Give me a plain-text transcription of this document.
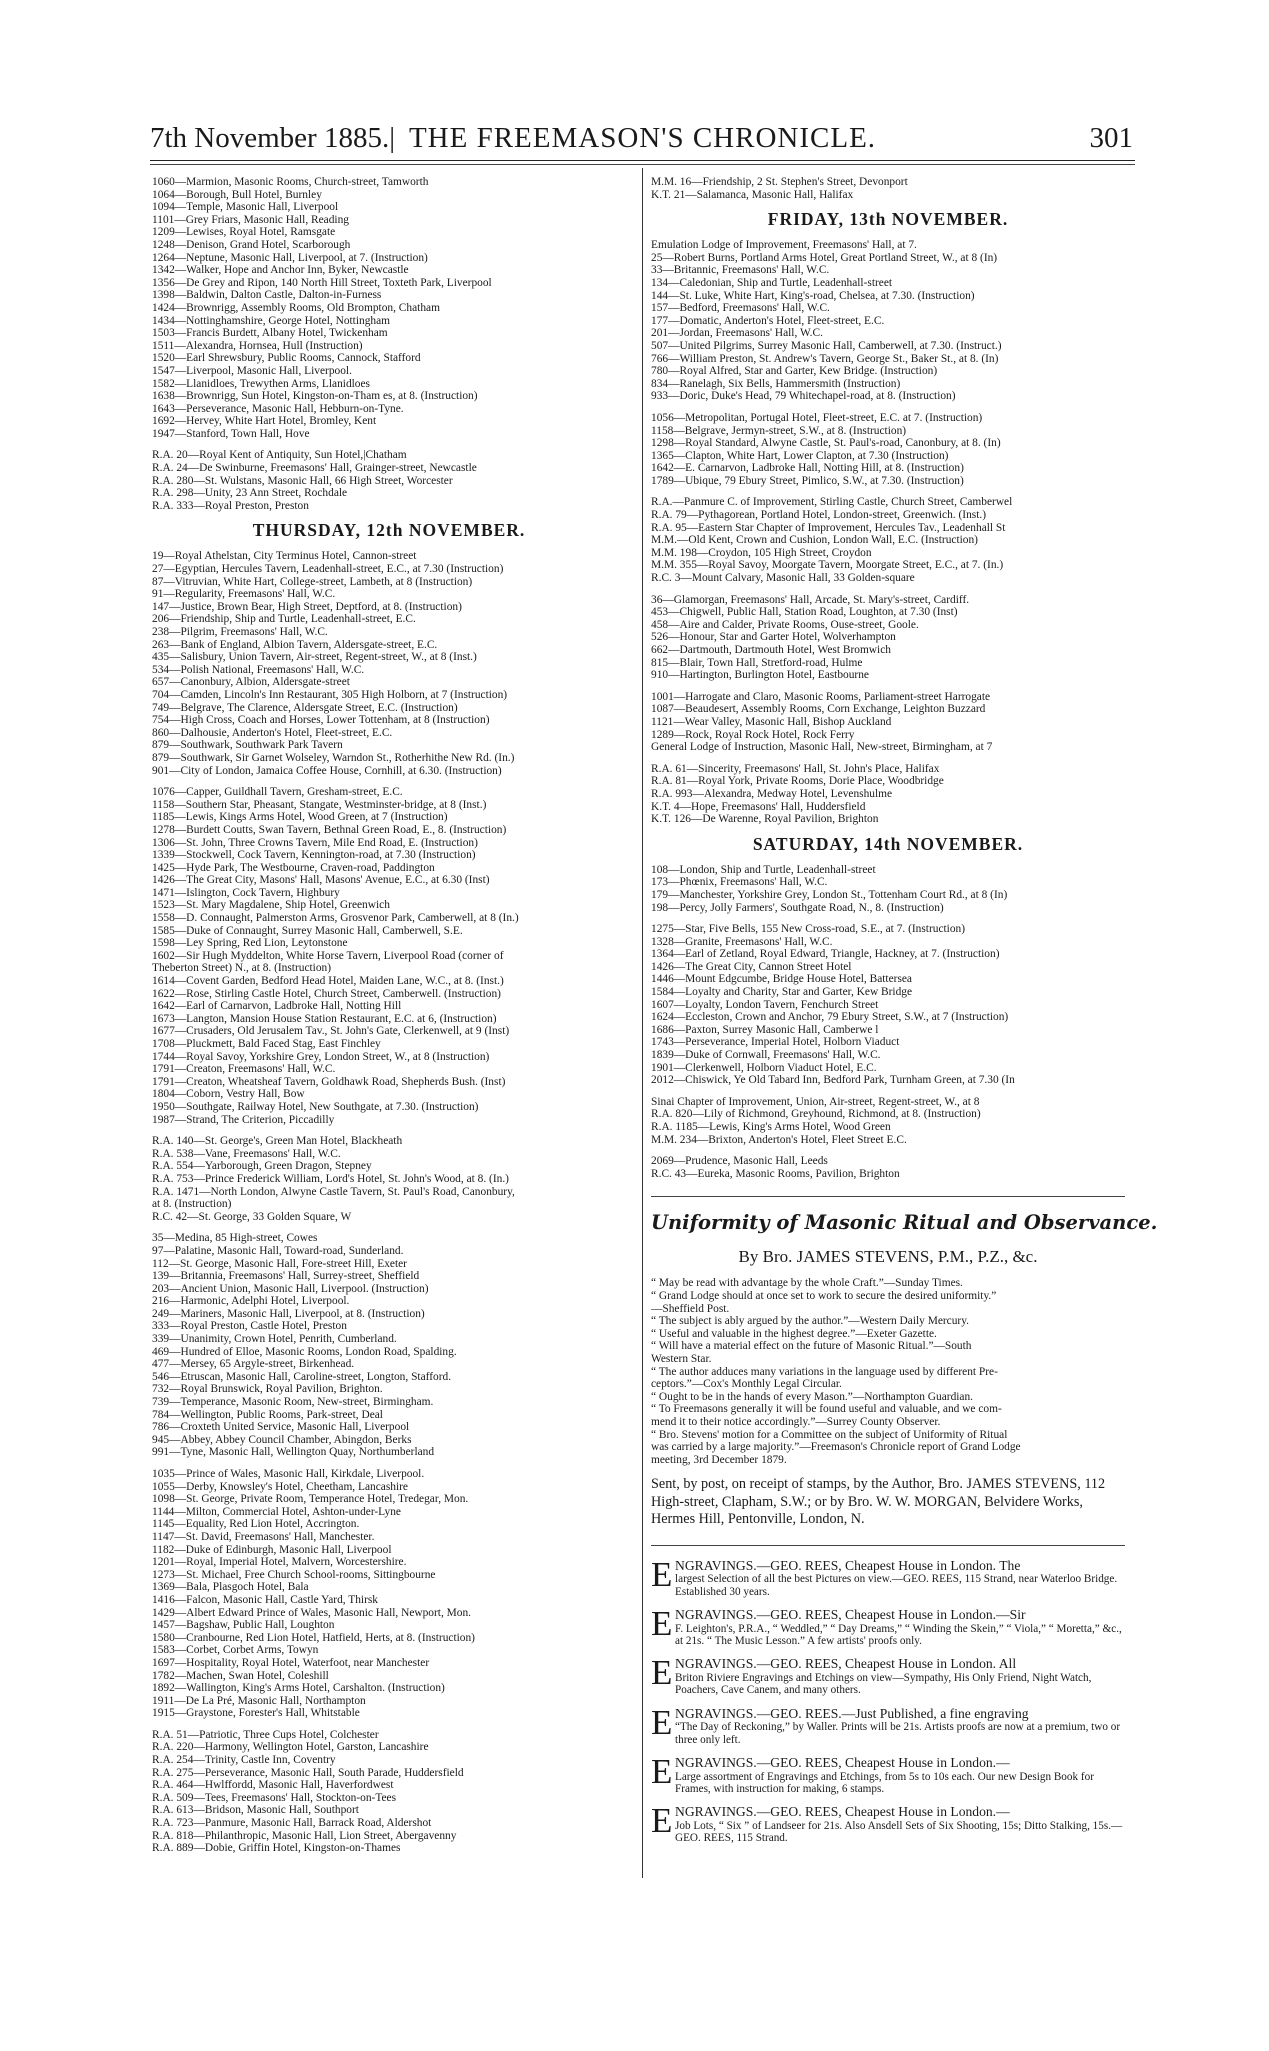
7th November 1885.| THE FREEMASON'S CHRONICLE.	301
1060—Marmion, Masonic Rooms, Church-street, Tamworth
1064—Borough, Bull Hotel, Burnley
1094—Temple, Masonic Hall, Liverpool
1101—Grey Friars, Masonic Hall, Reading
1209—Lewises, Royal Hotel, Ramsgate
1248—Denison, Grand Hotel, Scarborough
1264—Neptune, Masonic Hall, Liverpool, at 7. (Instruction)
1342—Walker, Hope and Anchor Inn, Byker, Newcastle
1356—De Grey and Ripon, 140 North Hill Street, Toxteth Park, Liverpool
1398—Baldwin, Dalton Castle, Dalton-in-Furness
1424—Brownrigg, Assembly Rooms, Old Brompton, Chatham
1434—Nottinghamshire, George Hotel, Nottingham
1503—Francis Burdett, Albany Hotel, Twickenham
1511—Alexandra, Hornsea, Hull (Instruction)
1520—Earl Shrewsbury, Public Rooms, Cannock, Stafford
1547—Liverpool, Masonic Hall, Liverpool.
1582—Llanidloes, Trewythen Arms, Llanidloes
1638—Brownrigg, Sun Hotel, Kingston-on-Tham es, at 8. (Instruction)
1643—Perseverance, Masonic Hall, Hebburn-on-Tyne.
1692—Hervey, White Hart Hotel, Bromley, Kent
1947—Stanford, Town Hall, Hove
R.A. 20—Royal Kent of Antiquity, Sun Hotel,|Chatham
R.A. 24—De Swinburne, Freemasons' Hall, Grainger-street, Newcastle
R.A. 280—St. Wulstans, Masonic Hall, 66 High Street, Worcester
R.A. 298—Unity, 23 Ann Street, Rochdale
R.A. 333—Royal Preston, Preston
THURSDAY, 12th NOVEMBER.
19—Royal Athelstan, City Terminus Hotel, Cannon-street
27—Egyptian, Hercules Tavern, Leadenhall-street, E.C., at 7.30 (Instruction)
87—Vitruvian, White Hart, College-street, Lambeth, at 8 (Instruction)
91—Regularity, Freemasons' Hall, W.C.
147—Justice, Brown Bear, High Street, Deptford, at 8. (Instruction)
206—Friendship, Ship and Turtle, Leadenhall-street, E.C.
238—Pilgrim, Freemasons' Hall, W.C.
263—Bank of England, Albion Tavern, Aldersgate-street, E.C.
435—Salisbury, Union Tavern, Air-street, Regent-street, W., at 8 (Inst.)
534—Polish National, Freemasons' Hall, W.C.
657—Canonbury, Albion, Aldersgate-street
704—Camden, Lincoln's Inn Restaurant, 305 High Holborn, at 7 (Instruction)
749—Belgrave, The Clarence, Aldersgate Street, E.C. (Instruction)
754—High Cross, Coach and Horses, Lower Tottenham, at 8 (Instruction)
860—Dalhousie, Anderton's Hotel, Fleet-street, E.C.
879—Southwark, Southwark Park Tavern
879—Southwark, Sir Garnet Wolseley, Warndon St., Rotherhithe New Rd. (In.)
901—City of London, Jamaica Coffee House, Cornhill, at 6.30. (Instruction)
1076—Capper, Guildhall Tavern, Gresham-street, E.C.
1158—Southern Star, Pheasant, Stangate, Westminster-bridge, at 8 (Inst.)
1185—Lewis, Kings Arms Hotel, Wood Green, at 7 (Instruction)
1278—Burdett Coutts, Swan Tavern, Bethnal Green Road, E., 8. (Instruction)
1306—St. John, Three Crowns Tavern, Mile End Road, E. (Instruction)
1339—Stockwell, Cock Tavern, Kennington-road, at 7.30 (Instruction)
1425—Hyde Park, The Westbourne, Craven-road, Paddington
1426—The Great City, Masons' Hall, Masons' Avenue, E.C., at 6.30 (Inst)
1471—Islington, Cock Tavern, Highbury
1523—St. Mary Magdalene, Ship Hotel, Greenwich
1558—D. Connaught, Palmerston Arms, Grosvenor Park, Camberwell, at 8 (In.)
1585—Duke of Connaught, Surrey Masonic Hall, Camberwell, S.E.
1598—Ley Spring, Red Lion, Leytonstone
1602—Sir Hugh Myddelton, White Horse Tavern, Liverpool Road (corner of
Theberton Street) N., at 8. (Instruction)
1614—Covent Garden, Bedford Head Hotel, Maiden Lane, W.C., at 8. (Inst.)
1622—Rose, Stirling Castle Hotel, Church Street, Camberwell. (Instruction)
1642—Earl of Carnarvon, Ladbroke Hall, Notting Hill
1673—Langton, Mansion House Station Restaurant, E.C. at 6, (Instruction)
1677—Crusaders, Old Jerusalem Tav., St. John's Gate, Clerkenwell, at 9 (Inst)
1708—Pluckmett, Bald Faced Stag, East Finchley
1744—Royal Savoy, Yorkshire Grey, London Street, W., at 8 (Instruction)
1791—Creaton, Freemasons' Hall, W.C.
1791—Creaton, Wheatsheaf Tavern, Goldhawk Road, Shepherds Bush. (Inst)
1804—Coborn, Vestry Hall, Bow
1950—Southgate, Railway Hotel, New Southgate, at 7.30. (Instruction)
1987—Strand, The Criterion, Piccadilly
R.A. 140—St. George's, Green Man Hotel, Blackheath
R.A. 538—Vane, Freemasons' Hall, W.C.
R.A. 554—Yarborough, Green Dragon, Stepney
R.A. 753—Prince Frederick William, Lord's Hotel, St. John's Wood, at 8. (In.)
R.A. 1471—North London, Alwyne Castle Tavern, St. Paul's Road, Canonbury,
at 8. (Instruction)
R.C. 42—St. George, 33 Golden Square, W
35—Medina, 85 High-street, Cowes
97—Palatine, Masonic Hall, Toward-road, Sunderland.
112—St. George, Masonic Hall, Fore-street Hill, Exeter
139—Britannia, Freemasons' Hall, Surrey-street, Sheffield
203—Ancient Union, Masonic Hall, Liverpool. (Instruction)
216—Harmonic, Adelphi Hotel, Liverpool.
249—Mariners, Masonic Hall, Liverpool, at 8. (Instruction)
333—Royal Preston, Castle Hotel, Preston
339—Unanimity, Crown Hotel, Penrith, Cumberland.
469—Hundred of Elloe, Masonic Rooms, London Road, Spalding.
477—Mersey, 65 Argyle-street, Birkenhead.
546—Etruscan, Masonic Hall, Caroline-street, Longton, Stafford.
732—Royal Brunswick, Royal Pavilion, Brighton.
739—Temperance, Masonic Room, New-street, Birmingham.
784—Wellington, Public Rooms, Park-street, Deal
786—Croxteth United Service, Masonic Hall, Liverpool
945—Abbey, Abbey Council Chamber, Abingdon, Berks
991—Tyne, Masonic Hall, Wellington Quay, Northumberland
1035—Prince of Wales, Masonic Hall, Kirkdale, Liverpool.
1055—Derby, Knowsley's Hotel, Cheetham, Lancashire
1098—St. George, Private Room, Temperance Hotel, Tredegar, Mon.
1144—Milton, Commercial Hotel, Ashton-under-Lyne
1145—Equality, Red Lion Hotel, Accrington.
1147—St. David, Freemasons' Hall, Manchester.
1182—Duke of Edinburgh, Masonic Hall, Liverpool
1201—Royal, Imperial Hotel, Malvern, Worcestershire.
1273—St. Michael, Free Church School-rooms, Sittingbourne
1369—Bala, Plasgoch Hotel, Bala
1416—Falcon, Masonic Hall, Castle Yard, Thirsk
1429—Albert Edward Prince of Wales, Masonic Hall, Newport, Mon.
1457—Bagshaw, Public Hall, Loughton
1580—Cranbourne, Red Lion Hotel, Hatfield, Herts, at 8. (Instruction)
1583—Corbet, Corbet Arms, Towyn
1697—Hospitality, Royal Hotel, Waterfoot, near Manchester
1782—Machen, Swan Hotel, Coleshill
1892—Wallington, King's Arms Hotel, Carshalton. (Instruction)
1911—De La Pré, Masonic Hall, Northampton
1915—Graystone, Forester's Hall, Whitstable
R.A. 51—Patriotic, Three Cups Hotel, Colchester
R.A. 220—Harmony, Wellington Hotel, Garston, Lancashire
R.A. 254—Trinity, Castle Inn, Coventry
R.A. 275—Perseverance, Masonic Hall, South Parade, Huddersfield
R.A. 464—Hwlffordd, Masonic Hall, Haverfordwest
R.A. 509—Tees, Freemasons' Hall, Stockton-on-Tees
R.A. 613—Bridson, Masonic Hall, Southport
R.A. 723—Panmure, Masonic Hall, Barrack Road, Aldershot
R.A. 818—Philanthropic, Masonic Hall, Lion Street, Abergavenny
R.A. 889—Dobie, Griffin Hotel, Kingston-on-Thames
M.M. 16—Friendship, 2 St. Stephen's Street, Devonport
K.T. 21—Salamanca, Masonic Hall, Halifax
FRIDAY, 13th NOVEMBER.
Emulation Lodge of Improvement, Freemasons' Hall, at 7.
25—Robert Burns, Portland Arms Hotel, Great Portland Street, W., at 8 (In)
33—Britannic, Freemasons' Hall, W.C.
134—Caledonian, Ship and Turtle, Leadenhall-street
144—St. Luke, White Hart, King's-road, Chelsea, at 7.30. (Instruction)
157—Bedford, Freemasons' Hall, W.C.
177—Domatic, Anderton's Hotel, Fleet-street, E.C.
201—Jordan, Freemasons' Hall, W.C.
507—United Pilgrims, Surrey Masonic Hall, Camberwell, at 7.30. (Instruct.)
766—William Preston, St. Andrew's Tavern, George St., Baker St., at 8. (In)
780—Royal Alfred, Star and Garter, Kew Bridge. (Instruction)
834—Ranelagh, Six Bells, Hammersmith (Instruction)
933—Doric, Duke's Head, 79 Whitechapel-road, at 8. (Instruction)
1056—Metropolitan, Portugal Hotel, Fleet-street, E.C. at 7. (Instruction)
1158—Belgrave, Jermyn-street, S.W., at 8. (Instruction)
1298—Royal Standard, Alwyne Castle, St. Paul's-road, Canonbury, at 8. (In)
1365—Clapton, White Hart, Lower Clapton, at 7.30 (Instruction)
1642—E. Carnarvon, Ladbroke Hall, Notting Hill, at 8. (Instruction)
1789—Ubique, 79 Ebury Street, Pimlico, S.W., at 7.30. (Instruction)
R.A.—Panmure C. of Improvement, Stirling Castle, Church Street, Camberwel
R.A. 79—Pythagorean, Portland Hotel, London-street, Greenwich. (Inst.)
R.A. 95—Eastern Star Chapter of Improvement, Hercules Tav., Leadenhall St
M.M.—Old Kent, Crown and Cushion, London Wall, E.C. (Instruction)
M.M. 198—Croydon, 105 High Street, Croydon
M.M. 355—Royal Savoy, Moorgate Tavern, Moorgate Street, E.C., at 7. (In.)
R.C. 3—Mount Calvary, Masonic Hall, 33 Golden-square
36—Glamorgan, Freemasons' Hall, Arcade, St. Mary's-street, Cardiff.
453—Chigwell, Public Hall, Station Road, Loughton, at 7.30 (Inst)
458—Aire and Calder, Private Rooms, Ouse-street, Goole.
526—Honour, Star and Garter Hotel, Wolverhampton
662—Dartmouth, Dartmouth Hotel, West Bromwich
815—Blair, Town Hall, Stretford-road, Hulme
910—Hartington, Burlington Hotel, Eastbourne
1001—Harrogate and Claro, Masonic Rooms, Parliament-street Harrogate
1087—Beaudesert, Assembly Rooms, Corn Exchange, Leighton Buzzard
1121—Wear Valley, Masonic Hall, Bishop Auckland
1289—Rock, Royal Rock Hotel, Rock Ferry
General Lodge of Instruction, Masonic Hall, New-street, Birmingham, at 7
R.A. 61—Sincerity, Freemasons' Hall, St. John's Place, Halifax
R.A. 81—Royal York, Private Rooms, Dorie Place, Woodbridge
R.A. 993—Alexandra, Medway Hotel, Levenshulme
K.T. 4—Hope, Freemasons' Hall, Huddersfield
K.T. 126—De Warenne, Royal Pavilion, Brighton
SATURDAY, 14th NOVEMBER.
108—London, Ship and Turtle, Leadenhall-street
173—Phœnix, Freemasons' Hall, W.C.
179—Manchester, Yorkshire Grey, London St., Tottenham Court Rd., at 8 (In)
198—Percy, Jolly Farmers', Southgate Road, N., 8. (Instruction)
1275—Star, Five Bells, 155 New Cross-road, S.E., at 7. (Instruction)
1328—Granite, Freemasons' Hall, W.C.
1364—Earl of Zetland, Royal Edward, Triangle, Hackney, at 7. (Instruction)
1426—The Great City, Cannon Street Hotel
1446—Mount Edgcumbe, Bridge House Hotel, Battersea
1584—Loyalty and Charity, Star and Garter, Kew Bridge
1607—Loyalty, London Tavern, Fenchurch Street
1624—Eccleston, Crown and Anchor, 79 Ebury Street, S.W., at 7 (Instruction)
1686—Paxton, Surrey Masonic Hall, Camberwe l
1743—Perseverance, Imperial Hotel, Holborn Viaduct
1839—Duke of Cornwall, Freemasons' Hall, W.C.
1901—Clerkenwell, Holborn Viaduct Hotel, E.C.
2012—Chiswick, Ye Old Tabard Inn, Bedford Park, Turnham Green, at 7.30 (In
Sinai Chapter of Improvement, Union, Air-street, Regent-street, W., at 8
R.A. 820—Lily of Richmond, Greyhound, Richmond, at 8. (Instruction)
R.A. 1185—Lewis, King's Arms Hotel, Wood Green
M.M. 234—Brixton, Anderton's Hotel, Fleet Street E.C.
2069—Prudence, Masonic Hall, Leeds
R.C. 43—Eureka, Masonic Rooms, Pavilion, Brighton
Uniformity of Masonic Ritual and Observance.
By Bro. JAMES STEVENS, P.M., P.Z., &c.
“ May be read with advantage by the whole Craft.”—Sunday Times.
“ Grand Lodge should at once set to work to secure the desired uniformity.”
—Sheffield Post.
“ The subject is ably argued by the author.”—Western Daily Mercury.
“ Useful and valuable in the highest degree.”—Exeter Gazette.
“ Will have a material effect on the future of Masonic Ritual.”—South
Western Star.
“ The author adduces many variations in the language used by different Pre-
ceptors.”—Cox's Monthly Legal Circular.
“ Ought to be in the hands of every Mason.”—Northampton Guardian.
“ To Freemasons generally it will be found useful and valuable, and we com-
mend it to their notice accordingly.”—Surrey County Observer.
“ Bro. Stevens' motion for a Committee on the subject of Uniformity of Ritual
was carried by a large majority.”—Freemason's Chronicle report of Grand Lodge
meeting, 3rd December 1879.
Sent, by post, on receipt of stamps, by the Author, Bro. JAMES STEVENS, 112 High-street, Clapham, S.W.; or by Bro. W. W. MORGAN, Belvidere Works, Hermes Hill, Pentonville, London, N.
E NGRAVINGS.—GEO. REES, Cheapest House in London. The
largest Selection of all the best Pictures on view.—GEO. REES, 115 Strand, near Waterloo Bridge. Established 30 years.
E NGRAVINGS.—GEO. REES, Cheapest House in London.—Sir
F. Leighton's, P.R.A., “ Weddled,” “ Day Dreams,” “ Winding the Skein,” “ Viola,” “ Moretta,” &c., at 21s. “ The Music Lesson.” A few artists' proofs only.
E NGRAVINGS.—GEO. REES, Cheapest House in London. All
Briton Riviere Engravings and Etchings on view—Sympathy, His Only Friend, Night Watch, Poachers, Cave Canem, and many others.
E NGRAVINGS.—GEO. REES.—Just Published, a fine engraving
“The Day of Reckoning,” by Waller. Prints will be 21s. Artists proofs are now at a premium, two or three only left.
E NGRAVINGS.—GEO. REES, Cheapest House in London.—
Large assortment of Engravings and Etchings, from 5s to 10s each. Our new Design Book for Frames, with instruction for making, 6 stamps.
E NGRAVINGS.—GEO. REES, Cheapest House in London.—
Job Lots, “ Six ” of Landseer for 21s. Also Ansdell Sets of Six Shooting, 15s; Ditto Stalking, 15s.—GEO. REES, 115 Strand.
